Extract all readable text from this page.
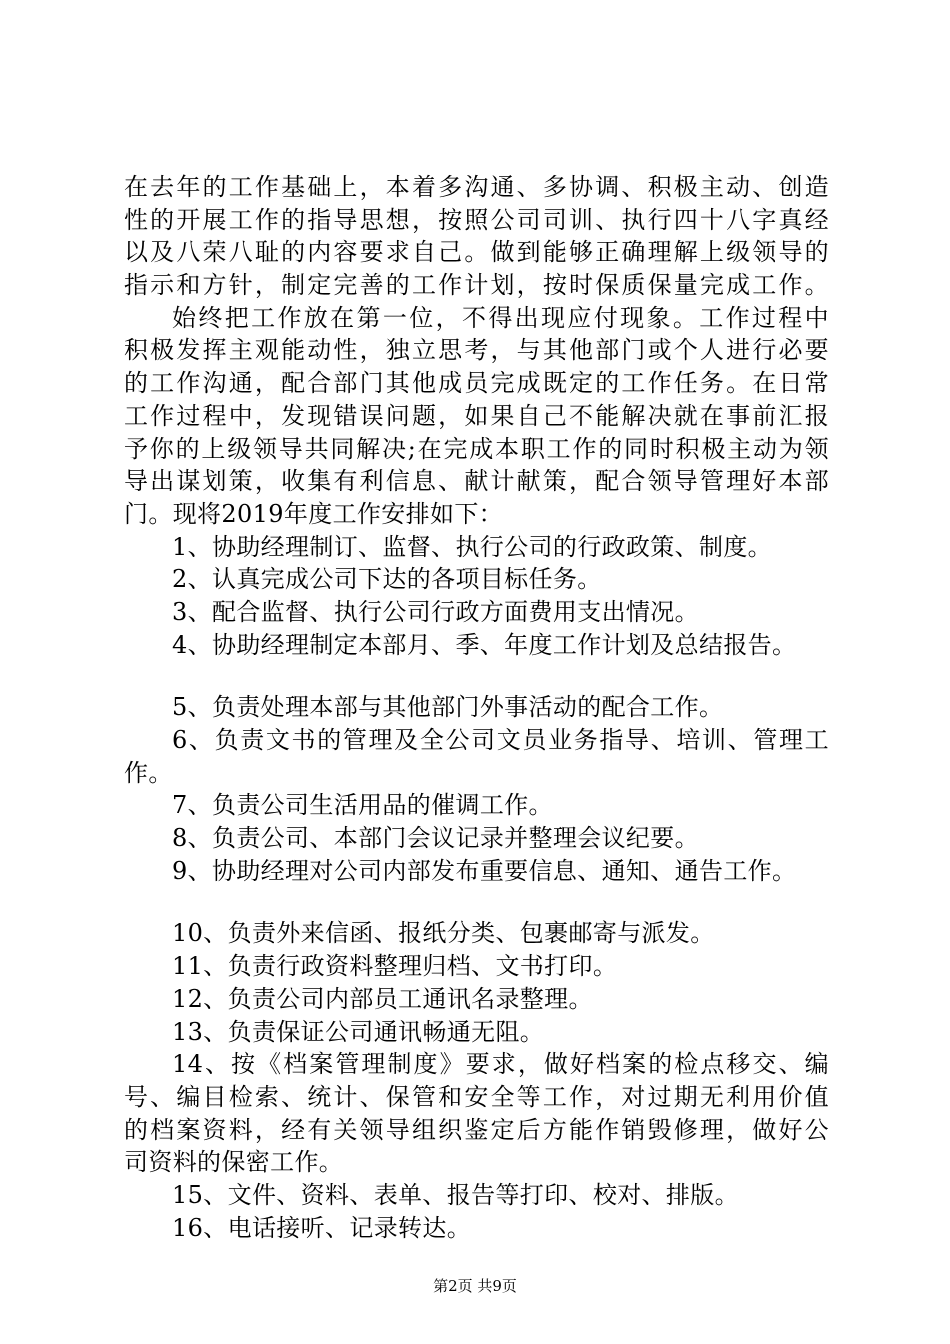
在去年的工作基础上，本着多沟通、多协调、积极主动、创造
性的开展工作的指导思想，按照公司司训、执行四十八字真经
以及八荣八耻的内容要求自己。做到能够正确理解上级领导的
指示和方针，制定完善的工作计划，按时保质保量完成工作。
始终把工作放在第一位，不得出现应付现象。工作过程中
积极发挥主观能动性，独立思考，与其他部门或个人进行必要
的工作沟通，配合部门其他成员完成既定的工作任务。在日常
工作过程中，发现错误问题，如果自己不能解决就在事前汇报
予你的上级领导共同解决;在完成本职工作的同时积极主动为领
导出谋划策，收集有利信息、献计献策，配合领导管理好本部
门。现将2019年度工作安排如下：
1、协助经理制订、监督、执行公司的行政政策、制度。
2、认真完成公司下达的各项目标任务。
3、配合监督、执行公司行政方面费用支出情况。
4、协助经理制定本部月、季、年度工作计划及总结报告。
5、负责处理本部与其他部门外事活动的配合工作。
6、负责文书的管理及全公司文员业务指导、培训、管理工
作。
7、负责公司生活用品的催调工作。
8、负责公司、本部门会议记录并整理会议纪要。
9、协助经理对公司内部发布重要信息、通知、通告工作。
10、负责外来信函、报纸分类、包裹邮寄与派发。
11、负责行政资料整理归档、文书打印。
12、负责公司内部员工通讯名录整理。
13、负责保证公司通讯畅通无阻。
14、按《档案管理制度》要求，做好档案的检点移交、编
号、编目检索、统计、保管和安全等工作，对过期无利用价值
的档案资料，经有关领导组织鉴定后方能作销毁修理，做好公
司资料的保密工作。
15、文件、资料、表单、报告等打印、校对、排版。
16、电话接听、记录转达。
第2页 共9页
